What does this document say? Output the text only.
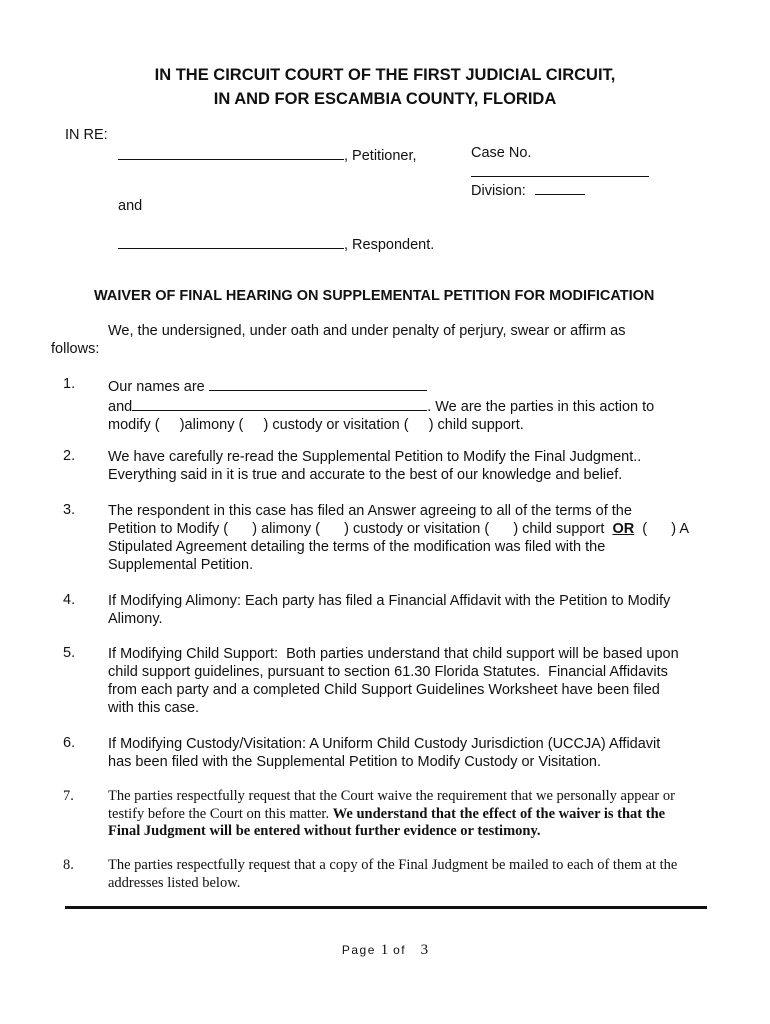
IN THE CIRCUIT COURT OF THE FIRST JUDICIAL CIRCUIT,
IN AND FOR ESCAMBIA COUNTY, FLORIDA
IN RE:
, Petitioner,	Case No.
Division:
and
, Respondent.
WAIVER OF FINAL HEARING ON SUPPLEMENTAL PETITION FOR MODIFICATION
We, the undersigned, under oath and under penalty of perjury, swear or affirm as
follows:
1. Our names are
and	. We are the parties in this action to
modify (     )alimony (     ) custody or visitation (     ) child support.
2. We have carefully re-read the Supplemental Petition to Modify the Final Judgment..
Everything said in it is true and accurate to the best of our knowledge and belief.
3. The respondent in this case has filed an Answer agreeing to all of the terms of the
Petition to Modify (      ) alimony (      ) custody or visitation (      ) child support OR (      ) A
Stipulated Agreement detailing the terms of the modification was filed with the
Supplemental Petition.
4. If Modifying Alimony: Each party has filed a Financial Affidavit with the Petition to Modify
Alimony.
5. If Modifying Child Support:  Both parties understand that child support will be based upon
child support guidelines, pursuant to section 61.30 Florida Statutes.  Financial Affidavits
from each party and a completed Child Support Guidelines Worksheet have been filed
with this case.
6. If Modifying Custody/Visitation: A Uniform Child Custody Jurisdiction (UCCJA) Affidavit
has been filed with the Supplemental Petition to Modify Custody or Visitation.
7. The parties respectfully request that the Court waive the requirement that we personally appear or
testify before the Court on this matter. We understand that the effect of the waiver is that the
Final Judgment will be entered without further evidence or testimony.
8. The parties respectfully request that a copy of the Final Judgment be mailed to each of them at the
addresses listed below.
Page 1 of 3
